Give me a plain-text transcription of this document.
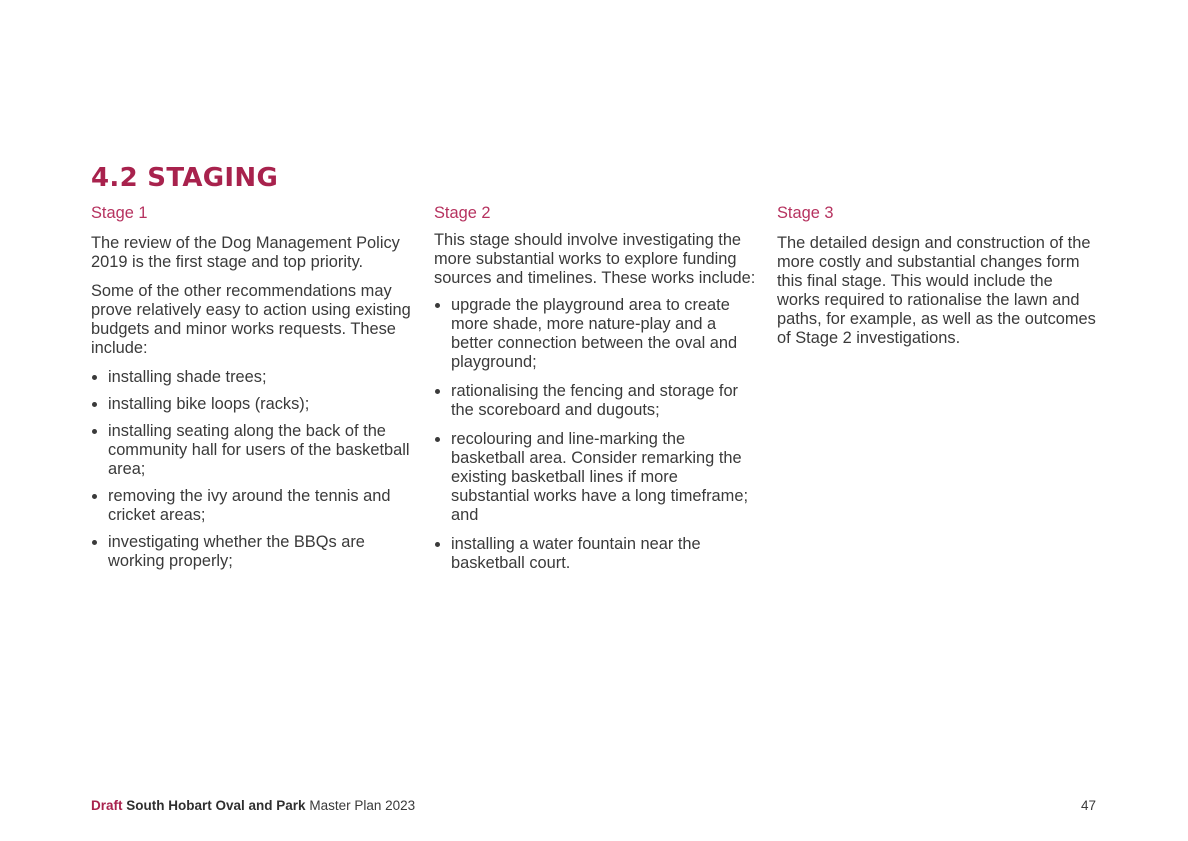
4.2 STAGING

Stage 1

The review of the Dog Management Policy 2019 is the first stage and top priority.

Some of the other recommendations may prove relatively easy to action using existing budgets and minor works requests. These include:

installing shade trees;
installing bike loops (racks);
installing seating along the back of the community hall for users of the basketball area;
removing the ivy around the tennis and cricket areas;
investigating whether the BBQs are working properly;

Stage 2

This stage should involve investigating the more substantial works to explore funding sources and timelines. These works include:

upgrade the playground area to create more shade, more nature-play and a better connection between the oval and playground;
rationalising the fencing and storage for the scoreboard and dugouts;
recolouring and line-marking the basketball area. Consider remarking the existing basketball lines if more substantial works have a long timeframe; and
installing a water fountain near the basketball court.

Stage 3

The detailed design and construction of the more costly and substantial changes form this final stage. This would include the works required to rationalise the lawn and paths, for example, as well as the outcomes of Stage 2 investigations.

Draft South Hobart Oval and Park Master Plan 2023	47
